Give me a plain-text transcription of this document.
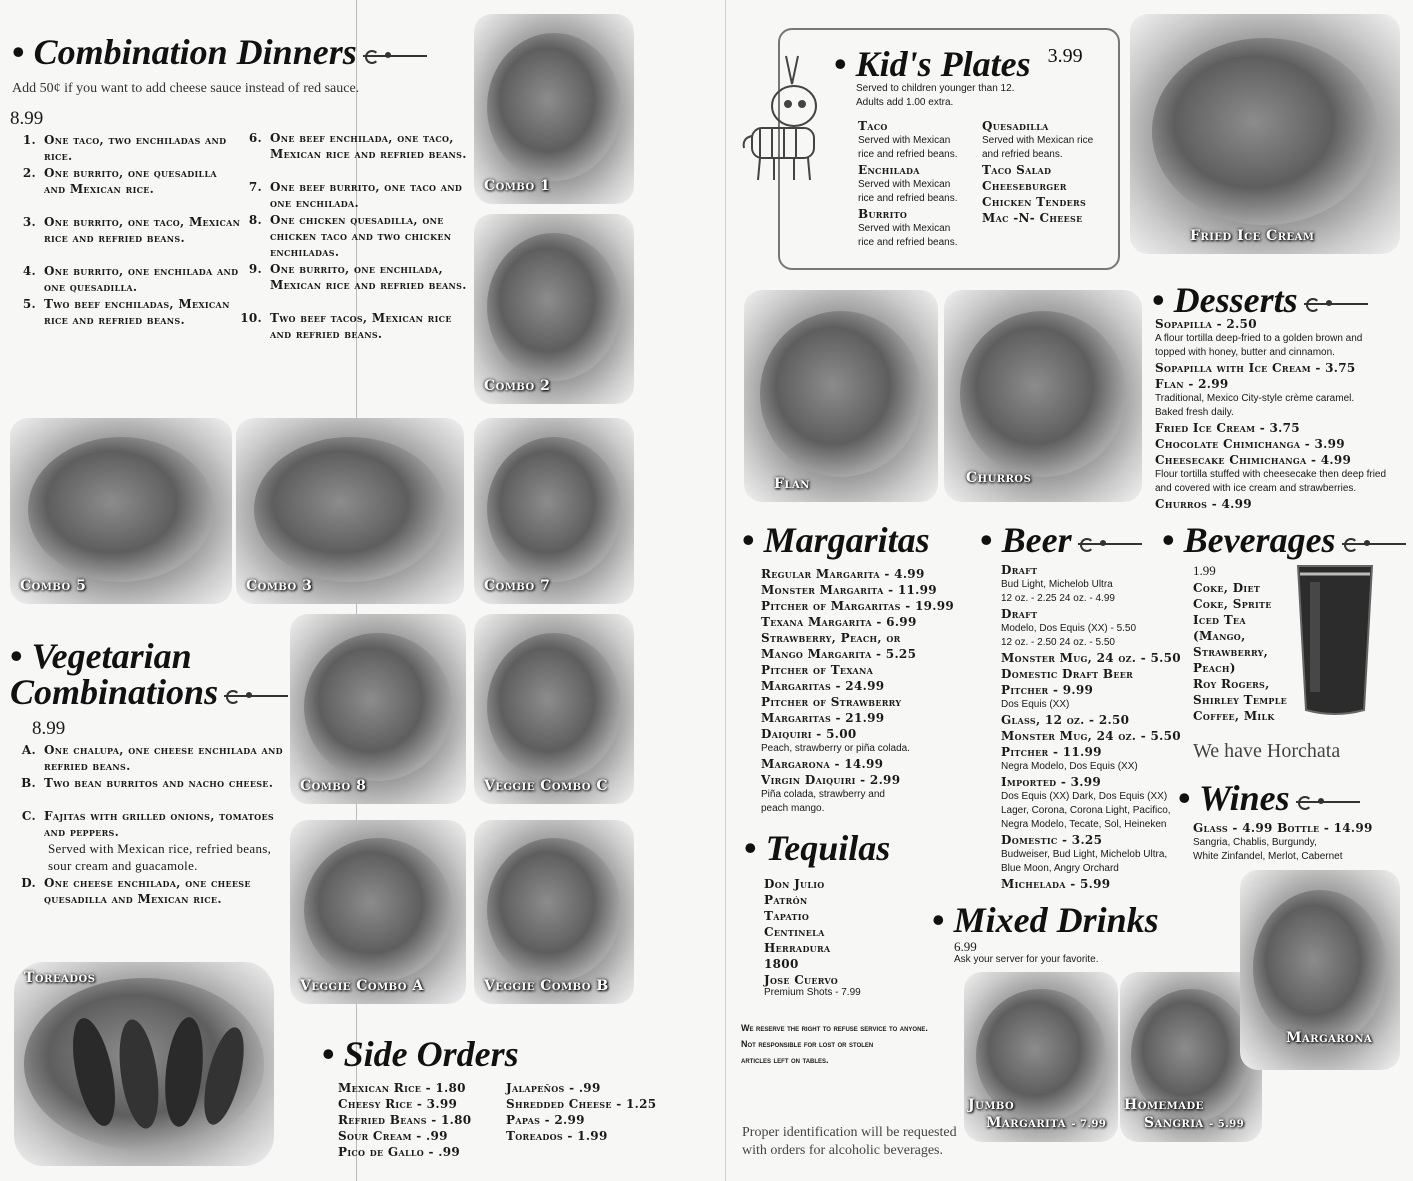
• Combination Dinners
Add 50¢ if you want to add cheese sauce instead of red sauce.
8.99
1. One taco, two enchiladas and rice.
2. One burrito, one quesadilla and Mexican rice.
3. One burrito, one taco, Mexican rice and refried beans.
4. One burrito, one enchilada and one quesadilla.
5. Two beef enchiladas, Mexican rice and refried beans.
6. One beef enchilada, one taco, Mexican rice and refried beans.
7. One beef burrito, one taco and one enchilada.
8. One chicken quesadilla, one chicken taco and two chicken enchiladas.
9. One burrito, one enchilada, Mexican rice and refried beans.
10. Two beef tacos, Mexican rice and refried beans.
Combo 1
Combo 2
Combo 5	Combo 3	Combo 7
• Vegetarian
Combinations
8.99
A. One chalupa, one cheese enchilada and refried beans.
B. Two bean burritos and nacho cheese.
C. Fajitas with grilled onions, tomatoes and peppers.
Served with Mexican rice, refried beans, sour cream and guacamole.
D. One cheese enchilada, one cheese quesadilla and Mexican rice.
Combo 8	Veggie Combo C
Veggie Combo A	Veggie Combo B
Toreados
• Side Orders
Mexican Rice - 1.80
Cheesy Rice - 3.99
Refried Beans - 1.80
Sour Cream - .99
Pico de Gallo - .99
Jalapeños - .99
Shredded Cheese - 1.25
Papas - 2.99
Toreados - 1.99
• Kid's Plates $^{3.99}$
Served to children younger than 12.
Adults add 1.00 extra.
Taco
Served with Mexican
rice and refried beans.
Enchilada
Served with Mexican
rice and refried beans.
Burrito
Served with Mexican
rice and refried beans.
Quesadilla
Served with Mexican rice
and refried beans.
Taco Salad
Cheeseburger
Chicken Tenders
Mac -N- Cheese
Fried Ice Cream
Flan	Churros
• Desserts
Sopapilla - 2.50
A flour tortilla deep-fried to a golden brown and
topped with honey, butter and cinnamon.
Sopapilla with Ice Cream - 3.75
Flan - 2.99
Traditional, Mexico City-style crème caramel.
Baked fresh daily.
Fried Ice Cream - 3.75
Chocolate Chimichanga - 3.99
Cheesecake Chimichanga - 4.99
Flour tortilla stuffed with cheesecake then deep fried
and covered with ice cream and strawberries.
Churros - 4.99
• Margaritas
Regular Margarita - 4.99
Monster Margarita - 11.99
Pitcher of Margaritas - 19.99
Texana Margarita - 6.99
Strawberry, Peach, or
Mango Margarita - 5.25
Pitcher of Texana
Margaritas - 24.99
Pitcher of Strawberry
Margaritas - 21.99
Daiquiri - 5.00
Peach, strawberry or piña colada.
Margarona - 14.99
Virgin Daiquiri - 2.99
Piña colada, strawberry and
peach mango.
• Beer
Draft
Bud Light, Michelob Ultra
12 oz. - 2.25 24 oz. - 4.99
Draft
Modelo, Dos Equis (XX) - 5.50
12 oz. - 2.50 24 oz. - 5.50
Monster Mug, 24 oz. - 5.50
Domestic Draft Beer
Pitcher - 9.99
Dos Equis (XX)
Glass, 12 oz. - 2.50
Monster Mug, 24 oz. - 5.50
Pitcher - 11.99
Negra Modelo, Dos Equis (XX)
Imported - 3.99
Dos Equis (XX) Dark, Dos Equis (XX)
Lager, Corona, Corona Light, Pacifico,
Negra Modelo, Tecate, Sol, Heineken
Domestic - 3.25
Budweiser, Bud Light, Michelob Ultra,
Blue Moon, Angry Orchard
Michelada - 5.99
• Beverages
1.99
Coke, Diet
Coke, Sprite
Iced Tea
(Mango,
Strawberry,
Peach)
Roy Rogers,
Shirley Temple
Coffee, Milk
We have Horchata
• Wines
Glass - 4.99 Bottle - 14.99
Sangria, Chablis, Burgundy,
White Zinfandel, Merlot, Cabernet
• Tequilas
Don Julio
Patrón
Tapatio
Centinela
Herradura
1800
Jose Cuervo
Premium Shots - 7.99
• Mixed Drinks
6.99
Ask your server for your favorite.
We reserve the right to refuse service to anyone.
Not responsible for lost or stolen
articles left on tables.
Jumbo
Margarita - 7.99
Homemade
Sangria - 5.99
Margarona
Proper identification will be requested
with orders for alcoholic beverages.
